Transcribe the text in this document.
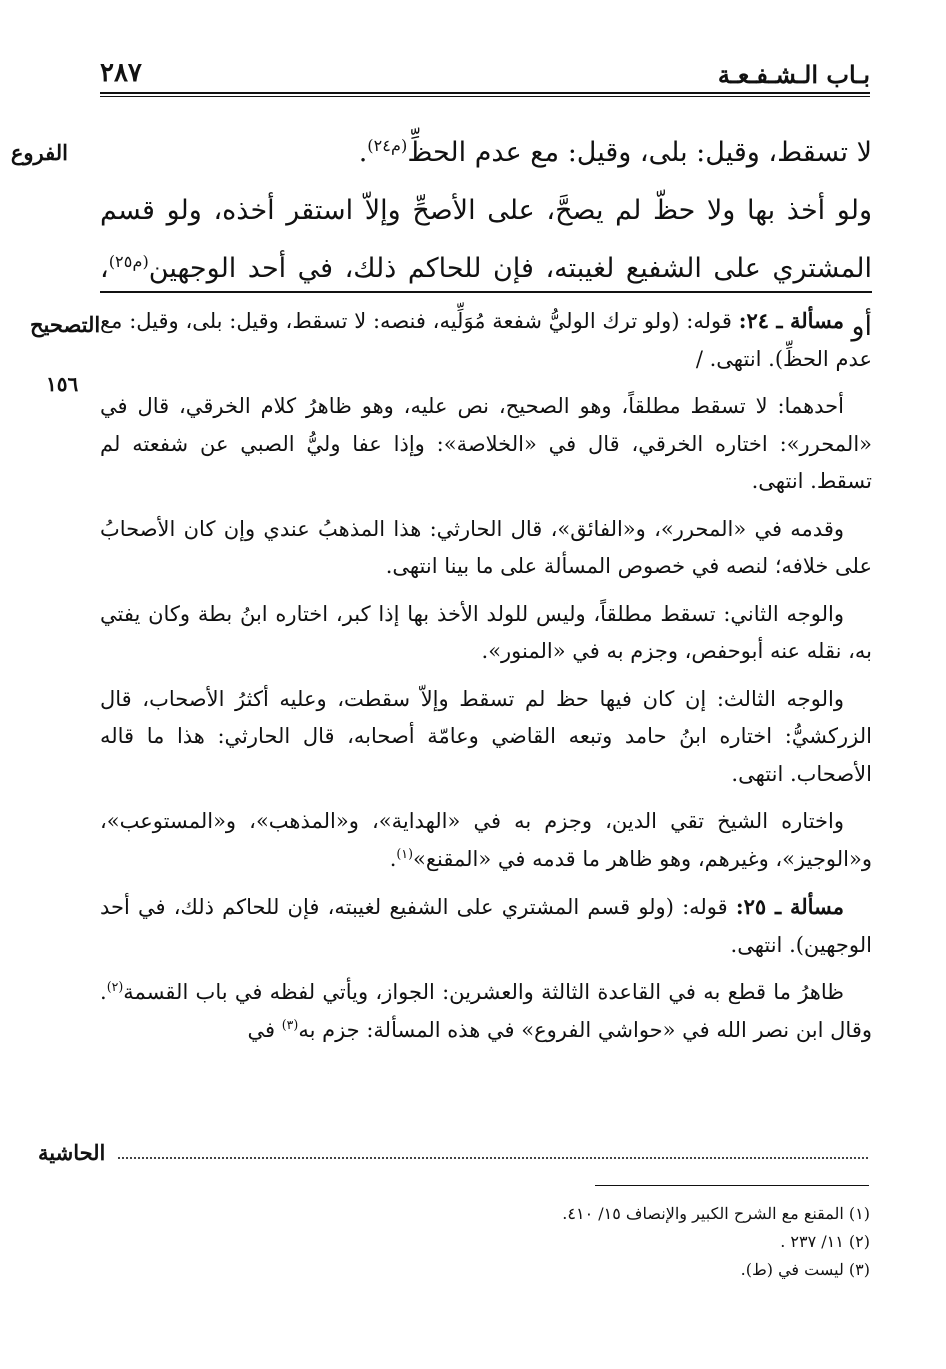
٢٨٧	بـاب الـشـفـعـة
الفروع
التصحيح
١٥٦
الحاشية

لا تسقط، وقيل: بلى، وقيل: مع عدم الحظِّ$^{(م٢٤)}$.

ولو أخذ بها ولا حظّ لم يصحَّ، على الأصحِّ وإلاّ استقر أخذه، ولو قسم المشتري على الشفيع لغيبته، فإن للحاكم ذلك، في أحد الوجهين$^{(م٢٥)}$، أو

مسألة ـ ٢٤: قوله: (ولو ترك الوليُّ شفعة مُوَلِّيه، فنصه: لا تسقط، وقيل: بلى، وقيل: مع عدم الحظِّ). انتهى. /

أحدهما: لا تسقط مطلقاً، وهو الصحيح، نص عليه، وهو ظاهرُ كلام الخرقي، قال في «المحرر»: اختاره الخرقي، قال في «الخلاصة»: وإذا عفا وليُّ الصبي عن شفعته لم تسقط. انتهى.

وقدمه في «المحرر»، و«الفائق»، قال الحارثي: هذا المذهبُ عندي وإن كان الأصحابُ على خلافه؛ لنصه في خصوص المسألة على ما بينا انتهى.

والوجه الثاني: تسقط مطلقاً، وليس للولد الأخذ بها إذا كبر، اختاره ابنُ بطة وكان يفتي به، نقله عنه أبوحفص، وجزم به في «المنور».

والوجه الثالث: إن كان فيها حظ لم تسقط وإلاّ سقطت، وعليه أكثرُ الأصحاب، قال الزركشيُّ: اختاره ابنُ حامد وتبعه القاضي وعامّة أصحابه، قال الحارثي: هذا ما قاله الأصحاب. انتهى.

واختاره الشيخ تقي الدين، وجزم به في «الهداية»، و«المذهب»، و«المستوعب»، و«الوجيز»، وغيرهم، وهو ظاهر ما قدمه في «المقنع»$^{(١)}$.

مسألة ـ ٢٥: قوله: (ولو قسم المشتري على الشفيع لغيبته، فإن للحاكم ذلك، في أحد الوجهين). انتهى.

ظاهرُ ما قطع به في القاعدة الثالثة والعشرين: الجواز، ويأتي لفظه في باب القسمة$^{(٢)}$. وقال ابن نصر الله في «حواشي الفروع» في هذه المسألة: جزم به$^{(٣)}$ في

(١) المقنع مع الشرح الكبير والإنصاف ١٥/ ٤١٠.

(٢) ١١/ ٢٣٧ .

(٣) ليست في (ط).
